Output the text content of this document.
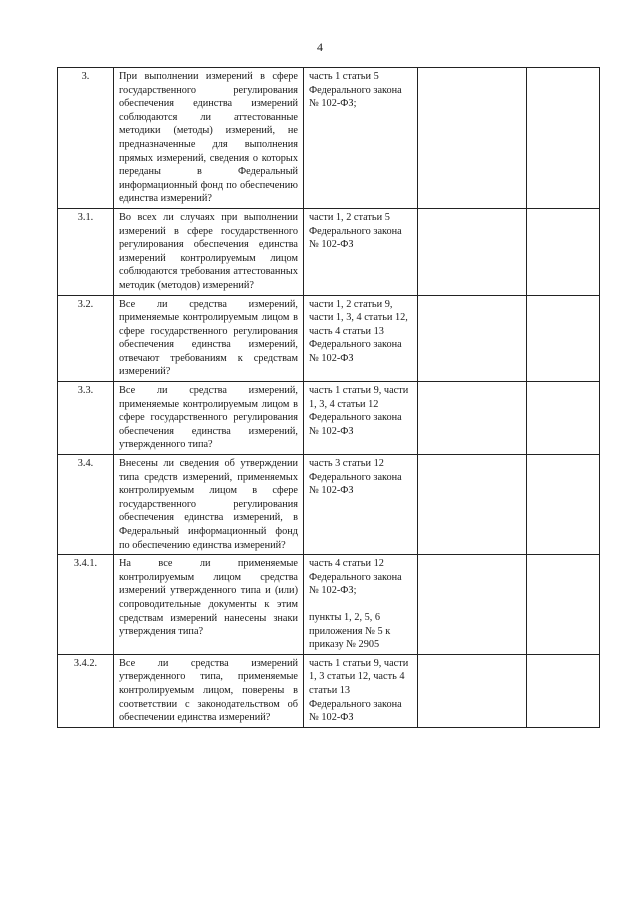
4
3.	При выполнении измерений в сфере государственного регулирования обеспечения единства измерений соблюдаются ли аттестованные методики (методы) измерений, не предназначенные для выполнения прямых измерений, сведения о которых переданы в Федеральный информационный фонд по обеспечению единства измерений?	часть 1 статьи 5 Федерального закона № 102-ФЗ;		

3.1.	Во всех ли случаях при выполнении измерений в сфере государственного регулирования обеспечения единства измерений контролируемым лицом соблюдаются требования аттестованных методик (методов) измерений?	части 1, 2 статьи 5 Федерального закона № 102-ФЗ		

3.2.	Все ли средства измерений, применяемые контролируемым лицом в сфере государственного регулирования обеспечения единства измерений, отвечают требованиям к средствам измерений?	части 1, 2 статьи 9, части 1, 3, 4 статьи 12, часть 4 статьи 13 Федерального закона № 102-ФЗ		

3.3.	Все ли средства измерений, применяемые контролируемым лицом в сфере государственного регулирования обеспечения единства измерений, утвержденного типа?	часть 1 статьи 9, части 1, 3, 4 статьи 12 Федерального закона № 102-ФЗ		

3.4.	Внесены ли сведения об утверждении типа средств измерений, применяемых контролируемым лицом в сфере государственного регулирования обеспечения единства измерений, в Федеральный информационный фонд по обеспечению единства измерений?	часть 3 статьи 12 Федерального закона № 102-ФЗ		

3.4.1.	На все ли применяемые контролируемым лицом средства измерений утвержденного типа и (или) сопроводительные документы к этим средствам измерений нанесены знаки утверждения типа?	часть 4 статьи 12 Федерального закона № 102-ФЗ;
пункты 1, 2, 5, 6 приложения № 5 к приказу № 2905		

3.4.2.	Все ли средства измерений утвержденного типа, применяемые контролируемым лицом, поверены в соответствии с законодательством об обеспечении единства измерений?	часть 1 статьи 9, части 1, 3 статьи 12, часть 4 статьи 13 Федерального закона № 102-ФЗ		
